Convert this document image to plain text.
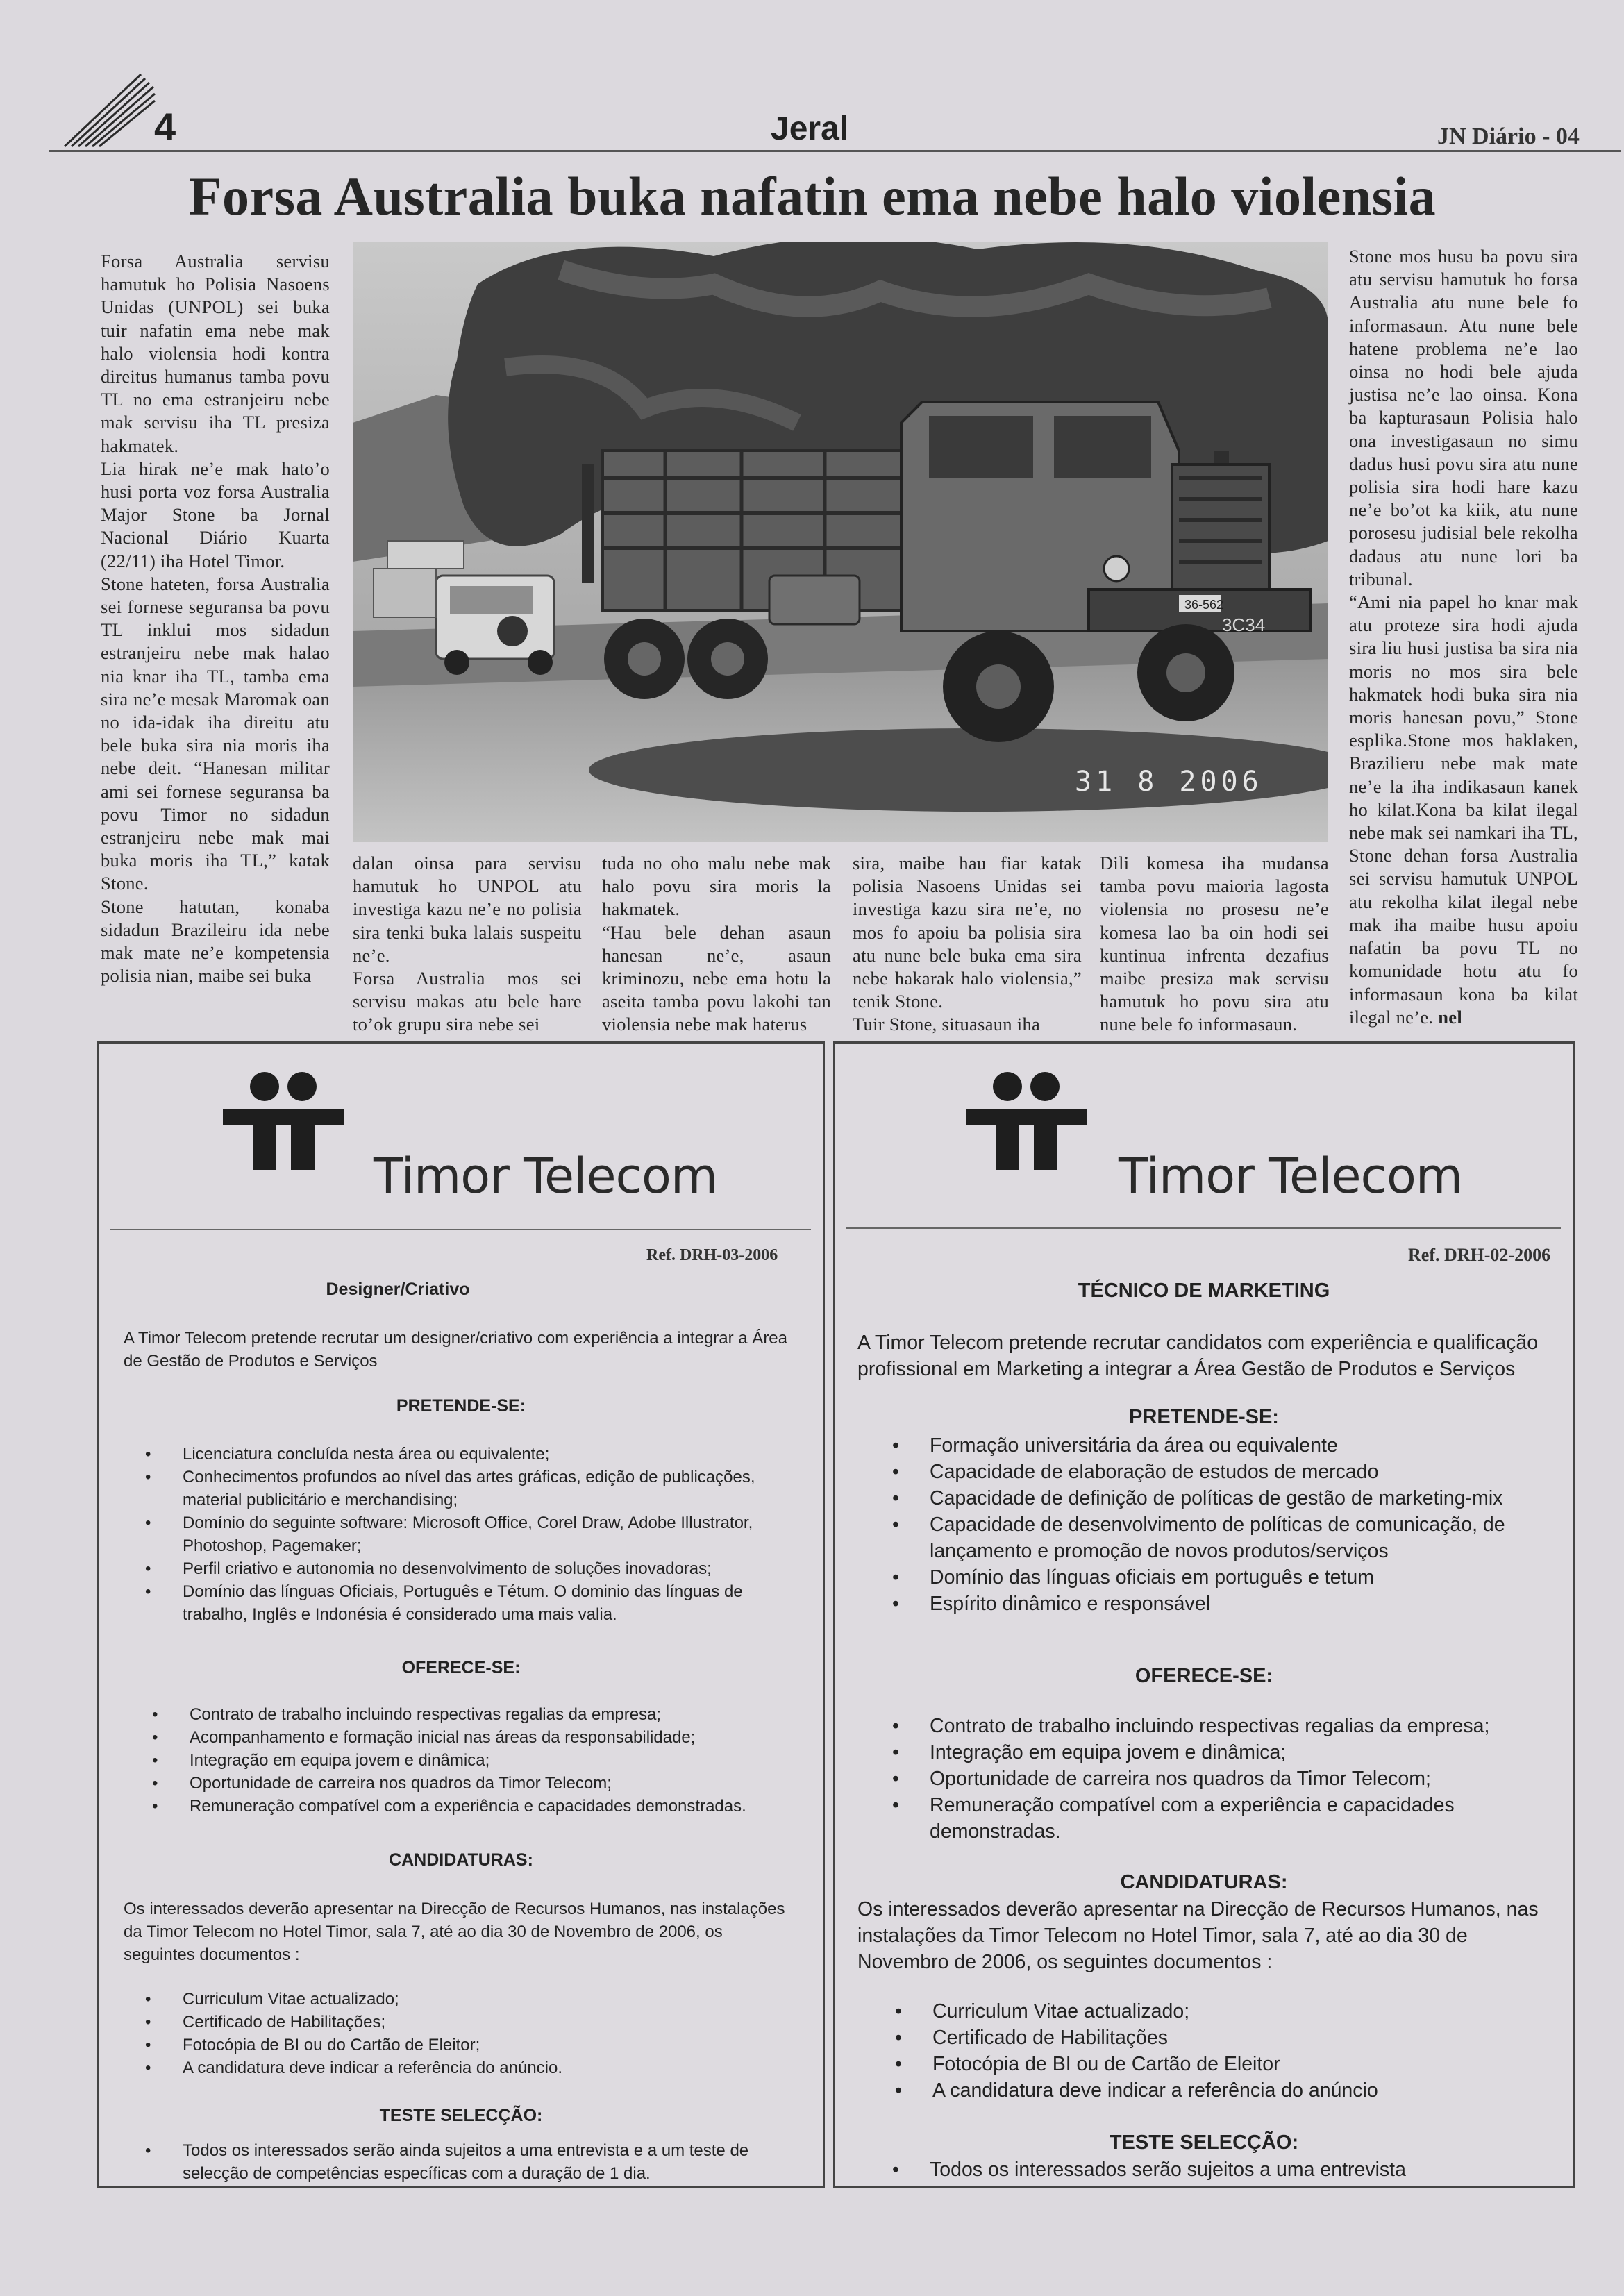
4	Jeral	JN Diário - 04
Forsa Australia buka nafatin ema nebe halo violensia

Forsa Australia servisu hamutuk ho Polisia Nasoens Unidas (UNPOL) sei buka tuir nafatin ema nebe mak halo violensia hodi kontra direitus humanus tamba povu TL no ema estranjeiru nebe mak servisu iha TL presiza hakmatek.

Lia hirak ne’e mak hato’o husi porta voz forsa Australia Major Stone ba Jornal Nacional Diário Kuarta (22/11) iha Hotel Timor.

Stone hateten, forsa Australia sei fornese seguransa ba povu TL inklui mos sidadun estranjeiru nebe mak halao nia knar iha TL, tamba ema sira ne’e mesak Maromak oan no ida-idak iha direitu atu bele buka sira nia moris iha nebe deit. “Hanesan militar ami sei fornese seguransa ba povu Timor no sidadun estranjeiru nebe mak mai buka moris iha TL,” katak Stone.

Stone hatutan, konaba sidadun Brazileiru ida nebe mak mate ne’e kompetensia polisia nian, maibe sei buka

36-562
3C34
31 8 2006

dalan oinsa para servisu hamutuk ho UNPOL atu investiga kazu ne’e no polisia sira tenki buka lalais suspeitu ne’e.

Forsa Australia mos sei servisu makas atu bele hare to’ok grupu sira nebe sei

tuda no oho malu nebe mak halo povu sira moris la hakmatek.

“Hau bele dehan asaun hanesan ne’e, asaun kriminozu, nebe ema hotu la aseita tamba povu lakohi tan violensia nebe mak haterus

sira, maibe hau fiar katak polisia Nasoens Unidas sei investiga kazu sira ne’e, no mos fo apoiu ba polisia sira atu nune bele buka ema sira nebe hakarak halo violensia,” tenik Stone.

Tuir Stone, situasaun iha

Dili komesa iha mudansa tamba povu maioria lagosta violensia no prosesu ne’e komesa lao ba oin hodi sei kuntinua infrenta dezafius maibe presiza mak servisu hamutuk ho povu sira atu nune bele fo informasaun.

Stone mos husu ba povu sira atu servisu hamutuk ho forsa Australia atu nune bele fo informasaun. Atu nune bele hatene problema ne’e lao oinsa no hodi bele ajuda justisa ne’e lao oinsa. Kona ba kapturasaun Polisia halo ona investigasaun no simu dadus husi povu sira atu nune polisia sira hodi hare kazu ne’e bo’ot ka kiik, atu nune porosesu judisial bele rekolha dadaus atu nune lori ba tribunal.

“Ami nia papel ho knar mak atu proteze sira hodi ajuda sira liu husi justisa ba sira nia moris no mos sira bele hakmatek hodi buka sira nia moris hanesan povu,” Stone esplika.Stone mos haklaken, Brazilieru nebe mak mate ne’e la iha indikasaun kanek ho kilat.Kona ba kilat ilegal nebe mak sei namkari iha TL, Stone dehan forsa Australia sei servisu hamutuk UNPOL atu rekolha kilat ilegal nebe mak iha maibe husu apoiu nafatin ba povu TL no komunidade hotu atu fo informasaun kona ba kilat ilegal ne’e. nel

Timor Telecom
Ref. DRH-03-2006
Designer/Criativo
A Timor Telecom pretende recrutar um designer/criativo com experiência a integrar a Área de Gestão de Produtos e Serviços
PRETENDE-SE:
• Licenciatura concluída nesta área ou equivalente;
• Conhecimentos profundos ao nível das artes gráficas, edição de publicações, material publicitário e merchandising;
• Domínio do seguinte software: Microsoft Office, Corel Draw, Adobe Illustrator, Photoshop, Pagemaker;
• Perfil criativo e autonomia no desenvolvimento de soluções inovadoras;
• Domínio das línguas Oficiais, Português e Tétum. O dominio das línguas de trabalho, Inglês e Indonésia é considerado uma mais valia.
OFERECE-SE:
• Contrato de trabalho incluindo respectivas regalias da empresa;
• Acompanhamento e formação inicial nas áreas da responsabilidade;
• Integração em equipa jovem e dinâmica;
• Oportunidade de carreira nos quadros da Timor Telecom;
• Remuneração compatível com a experiência e capacidades demonstradas.
CANDIDATURAS:
Os interessados deverão apresentar na Direcção de Recursos Humanos, nas instalações da Timor Telecom no Hotel Timor, sala 7, até ao dia 30 de Novembro de 2006, os seguintes documentos :
• Curriculum Vitae actualizado;
• Certificado de Habilitações;
• Fotocópia de BI ou do Cartão de Eleitor;
• A candidatura deve indicar a referência do anúncio.
TESTE SELECÇÃO:
• Todos os interessados serão ainda sujeitos a uma entrevista e a um teste de selecção de competências específicas com a duração de 1 dia.
Timor Telecom
Ref. DRH-02-2006
TÉCNICO DE MARKETING
A Timor Telecom pretende recrutar candidatos com experiência e qualificação profissional em Marketing a integrar a Área Gestão de Produtos e Serviços
PRETENDE-SE:
• Formação universitária da área ou equivalente
• Capacidade de elaboração de estudos de mercado
• Capacidade de definição de políticas de gestão de marketing-mix
• Capacidade de desenvolvimento de políticas de comunicação, de lançamento e promoção de novos produtos/serviços
• Domínio das línguas oficiais em português e tetum
• Espírito dinâmico e responsável
OFERECE-SE:
• Contrato de trabalho incluindo respectivas regalias da empresa;
• Integração em equipa jovem e dinâmica;
• Oportunidade de carreira nos quadros da Timor Telecom;
• Remuneração compatível com a experiência e capacidades demonstradas.
CANDIDATURAS:
Os interessados deverão apresentar na Direcção de Recursos Humanos, nas instalações da Timor Telecom no Hotel Timor, sala 7, até ao dia 30 de Novembro de 2006, os seguintes documentos :
• Curriculum Vitae actualizado;
• Certificado de Habilitações
• Fotocópia de BI ou de Cartão de Eleitor
• A candidatura deve indicar a referência do anúncio
TESTE SELECÇÃO:
• Todos os interessados serão sujeitos a uma entrevista
